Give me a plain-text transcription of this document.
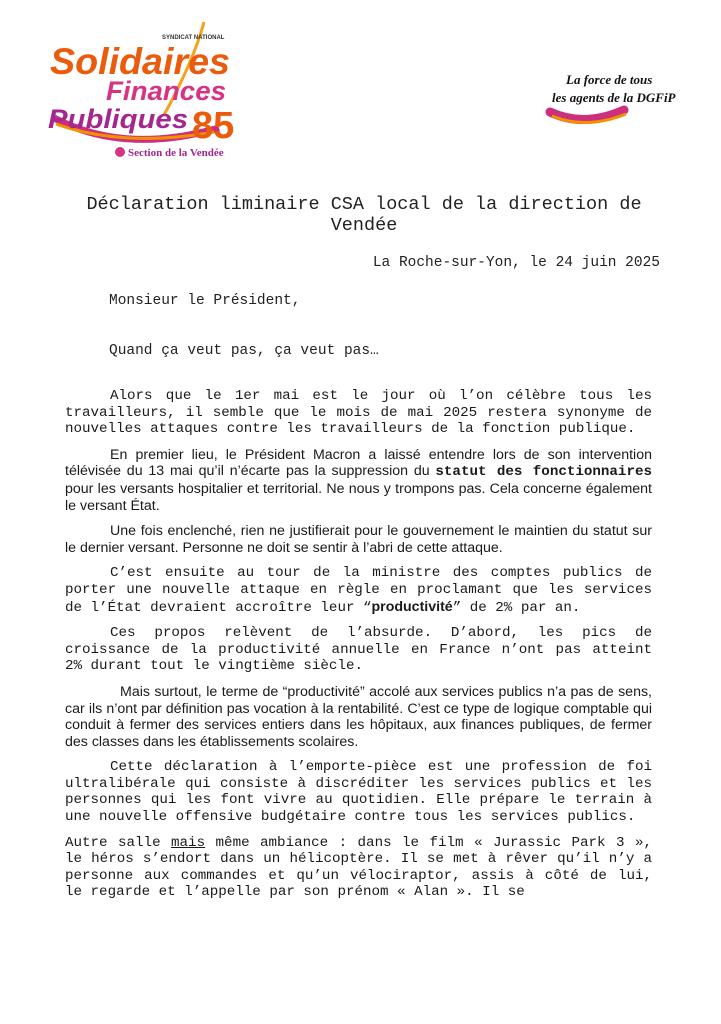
SYNDICAT NATIONAL
Solidaires
Finances
Publiques 85
Section de la Vendée
La force de tous
les agents de la DGFiP
Déclaration liminaire CSA local de la direction de Vendée
La Roche-sur-Yon, le 24 juin 2025
Monsieur le Président,
Quand ça veut pas, ça veut pas…

Alors que le 1er mai est le jour où l’on célèbre tous les travailleurs, il semble que le mois de mai 2025 restera synonyme de nouvelles attaques contre les travailleurs de la fonction publique.

En premier lieu, le Président Macron a laissé entendre lors de son intervention télévisée du 13 mai qu’il n’écarte pas la suppression du statut des fonctionnaires pour les versants hospitalier et territorial. Ne nous y trompons pas. Cela concerne également le versant État.

Une fois enclenché, rien ne justifierait pour le gouvernement le maintien du statut sur le dernier versant. Personne ne doit se sentir à l’abri de cette attaque.

C’est ensuite au tour de la ministre des comptes publics de porter une nouvelle attaque en règle en proclamant que les services de l’État devraient accroître leur “productivité” de 2% par an.

Ces propos relèvent de l’absurde. D’abord, les pics de croissance de la productivité annuelle en France n’ont pas atteint 2% durant tout le vingtième siècle.

Mais surtout, le terme de “productivité” accolé aux services publics n’a pas de sens, car ils n’ont par définition pas vocation à la rentabilité. C’est ce type de logique comptable qui conduit à fermer des services entiers dans les hôpitaux, aux finances publiques, de fermer des classes dans les établissements scolaires.

Cette déclaration à l’emporte-pièce est une profession de foi ultralibérale qui consiste à discréditer les services publics et les personnes qui les font vivre au quotidien. Elle prépare le terrain à une nouvelle offensive budgétaire contre tous les services publics.

Autre salle mais même ambiance : dans le film « Jurassic Park 3 », le héros s’endort dans un hélicoptère. Il se met à rêver qu’il n’y a personne aux commandes et qu’un vélociraptor, assis à côté de lui, le regarde et l’appelle par son prénom « Alan ». Il se
